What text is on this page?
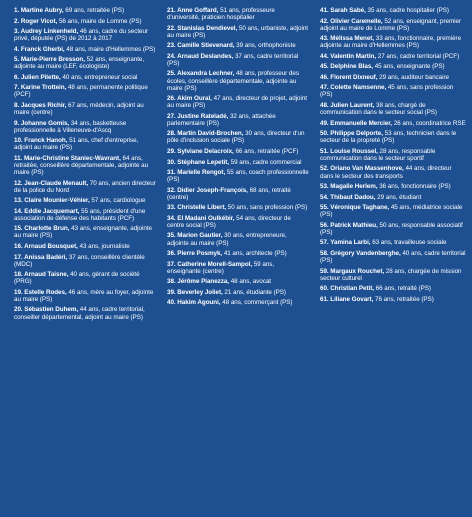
1. Martine Aubry, 69 ans, retraitée (PS)

2. Roger Vicot, 56 ans, maire de Lomme (PS)

3. Audrey Linkenheld, 46 ans, cadre du secteur privé, députée (PS) de 2012 à 2017

4. Franck Gherbi, 48 ans, maire d'Hellemmes (PS)

5. Marie-Pierre Bresson, 52 ans, enseignante, adjointe au maire (LEF, écologiste)

6. Julien Pilette, 40 ans, entrepreneur social

7. Karine Trottein, 48 ans, permanente politique (PCF)

8. Jacques Richir, 67 ans, médecin, adjoint au maire (centre)

9. Johanne Gomis, 34 ans, basketteuse professionnelle à Villeneuve-d'Ascq

10. Franck Hanoh, 51 ans, chef d'entreprise, adjoint au maire (PS)

11. Marie-Christine Staniec-Wavrant, 64 ans, retraitée, conseillère départementale, adjointe au maire (PS)

12. Jean-Claude Menault, 70 ans, ancien directeur de la police du Nord

13. Claire Mounier-Véhier, 57 ans, cardiologue

14. Eddie Jacquemart, 55 ans, président d'une association de défense des habitants (PCF)

15. Charlotte Brun, 43 ans, enseignante, adjointe au maire (PS)

16. Arnaud Bousquet, 43 ans, journaliste

17. Anissa Badéri, 37 ans, conseillère clientèle (MDC)

18. Arnaud Taisne, 40 ans, gérant de société (PRG)

19. Estelle Rodes, 46 ans, mère au foyer, adjointe au maire (PS)

20. Sébastien Duhem, 44 ans, cadre territorial, conseiller départemental, adjoint au maire (PS)

21. Anne Goffard, 51 ans, professeure d'université, praticien hospitalier

22. Stanislas Dendievel, 50 ans, urbaniste, adjoint au maire (PS)

23. Camille Stievenard, 39 ans, orthophoniste

24. Arnaud Deslandes, 37 ans, cadre territorial (PS)

25. Alexandra Lechner, 48 ans, professeur des écoles, conseillère départementale, adjointe au maire (PS)

26. Akim Oural, 47 ans, directeur de projet, adjoint au maire (PS)

27. Justine Rateladé, 32 ans, attachée parlementaire (PS)

28. Martin David-Brochen, 30 ans, directeur d'un pôle d'inclusion sociale (PS)

29. Sylviane Delacroix, 66 ans, retraitée (PCF)

30. Stéphane Lepetit, 59 ans, cadre commercial

31. Marielle Rengot, 55 ans, coach professionnelle (PS)

32. Didier Joseph-François, 68 ans, retraité (centre)

33. Christelle Libert, 50 ans, sans profession (PS)

34. El Madani Oulkébir, 54 ans, directeur de centre social (PS)

35. Marion Gautier, 30 ans, entrepreneure, adjointe au maire (PS)

36. Pierre Posmyk, 41 ans, architecte (PS)

37. Catherine Morell-Sampol, 59 ans, enseignante (centre)

38. Jérôme Pianezza, 48 ans, avocat

39. Beverley Joliet, 21 ans, étudiante (PS)

40. Hakim Agouni, 48 ans, commerçant (PS)

41. Sarah Sabé, 35 ans, cadre hospitalier (PS)

42. Olivier Caremelle, 52 ans, enseignant, premier adjoint au maire de Lomme (PS)

43. Mélissa Menet, 33 ans, fonctionnaire, première adjointe au maire d'Hellemmes (PS)

44. Valentin Martin, 27 ans, cadre territorial (PCF)

45. Delphine Blas, 45 ans, enseignante (PS)

46. Florent Dixneuf, 29 ans, auditeur bancaire

47. Colette Namsenne, 45 ans, sans profession (PS)

48. Julien Laurent, 38 ans, chargé de communication dans le secteur social (PS)

49. Emmanuelle Mercier, 26 ans, coordinatrice RSE

50. Philippe Delporte, 53 ans, technicien dans le secteur de la propreté (PS)

51. Louise Roussel, 28 ans, responsable communication dans le secteur sportif

52. Oriano Van Massenhove, 44 ans, directeur dans le secteur des transports

53. Magalie Herlem, 36 ans, fonctionnaire (PS)

54. Thibaut Dadou, 29 ans, étudiant

55. Véronique Taghane, 45 ans, médiatrice sociale (PS)

56. Patrick Mathieu, 50 ans, responsable associatif (PS)

57. Yamina Larbi, 63 ans, travailleuse sociale

58. Grégory Vandenberghe, 40 ans, cadre territorial (PS)

59. Margaux Rouchet, 28 ans, chargée de mission secteur culturel

60. Christian Petit, 66 ans, retraité (PS)

61. Liliane Govart, 76 ans, retraitée (PS)
